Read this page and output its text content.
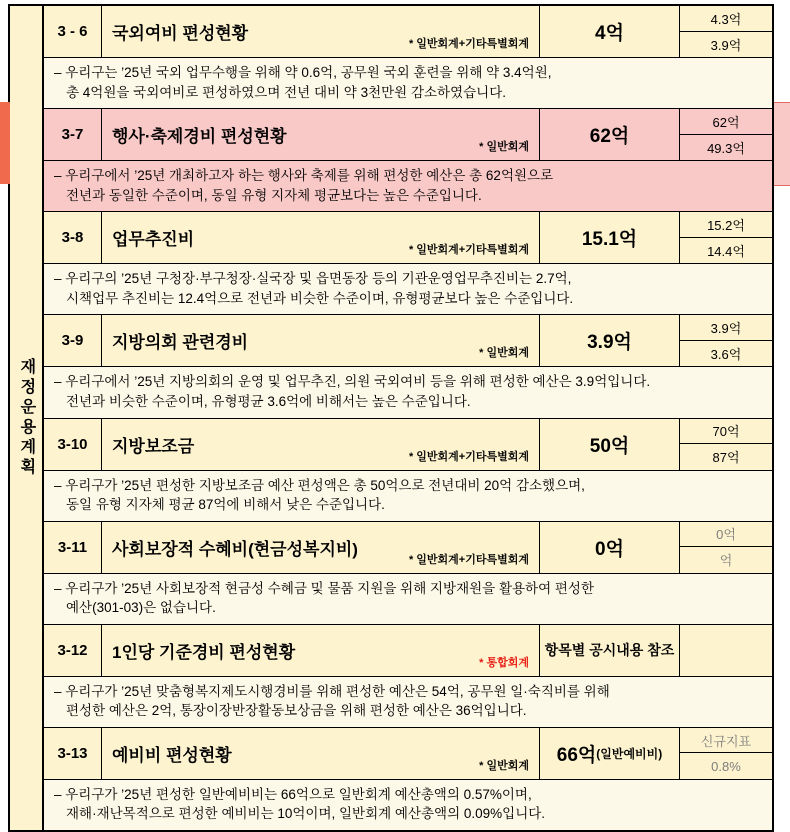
재정운용계획
3 - 6	국외여비 편성현황
* 일반회계+기타특별회계	4억
4.3억
3.9억
– 우리구는 ’25년 국외 업무수행을 위해 약 0.6억, 공무원 국외 훈련을 위해 약 3.4억원,
총 4억원을 국외여비로 편성하였으며 전년 대비 약 3천만원 감소하였습니다.
3-7	행사·축제경비 편성현황
* 일반회계	62억
62억
49.3억
– 우리구에서 ’25년 개최하고자 하는 행사와 축제를 위해 편성한 예산은 총 62억원으로
전년과 동일한 수준이며, 동일 유형 지자체 평균보다는 높은 수준입니다.
3-8	업무추진비
* 일반회계+기타특별회계	15.1억
15.2억
14.4억
– 우리구의 ’25년 구청장·부구청장·실국장 및 읍면동장 등의 기관운영업무추진비는 2.7억,
시책업무 추진비는 12.4억으로 전년과 비슷한 수준이며, 유형평균보다 높은 수준입니다.
3-9	지방의회 관련경비
* 일반회계	3.9억
3.9억
3.6억
– 우리구에서 ’25년 지방의회의 운영 및 업무추진, 의원 국외여비 등을 위해 편성한 예산은 3.9억입니다.
전년과 비슷한 수준이며, 유형평균 3.6억에 비해서는 높은 수준입니다.
3-10	지방보조금
* 일반회계+기타특별회계	50억
70억
87억
– 우리구가 ’25년 편성한 지방보조금 예산 편성액은 총 50억으로 전년대비 20억 감소했으며,
동일 유형 지자체 평균 87억에 비해서 낮은 수준입니다.
3-11	사회보장적 수혜비(현금성복지비)
* 일반회계+기타특별회계	0억
0억
억
– 우리구가 ’25년 사회보장적 현금성 수혜금 및 물품 지원을 위해 지방재원을 활용하여 편성한
예산(301-03)은 없습니다.
3-12	1인당 기준경비 편성현황
* 통합회계
항목별 공시내용 참조
– 우리구가 ’25년 맞춤형복지제도시행경비를 위해 편성한 예산은 54억, 공무원 일·숙직비를 위해
편성한 예산은 2억, 통장이장반장활동보상금을 위해 편성한 예산은 36억입니다.
3-13	예비비 편성현황
* 일반회계 66억 (일반예비비)
신규지표
0.8%
– 우리구가 ’25년 편성한 일반예비비는 66억으로 일반회계 예산총액의 0.57%이며,
재해·재난목적으로 편성한 예비비는 10억이며, 일반회계 예산총액의 0.09%입니다.
